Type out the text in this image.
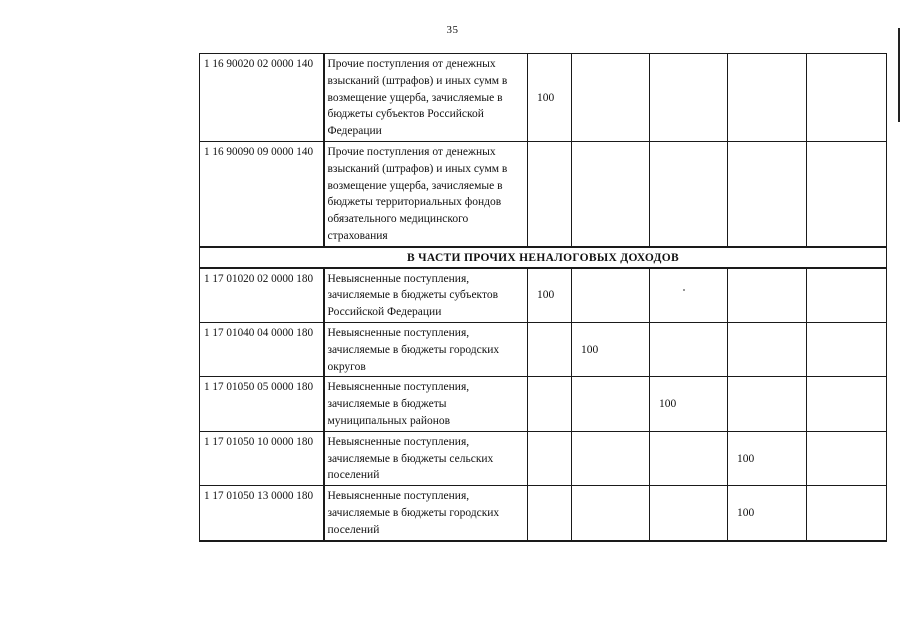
35
1 16 90020 02 0000 140	Прочие поступления от денежных взысканий (штрафов) и иных сумм в возмещение ущерба, зачисляемые в бюджеты субъектов Российской Федерации	100					
1 16 90090 09 0000 140	Прочие поступления от денежных взысканий (штрафов) и иных сумм в возмещение ущерба, зачисляемые в бюджеты территориальных фондов обязательного медицинского страхования						
В ЧАСТИ ПРОЧИХ НЕНАЛОГОВЫХ ДОХОДОВ							
1 17 01020 02 0000 180	Невыясненные поступления, зачисляемые в бюджеты субъектов Российской Федерации	100					
1 17 01040 04 0000 180	Невыясненные поступления, зачисляемые в бюджеты городских округов		100				
1 17 01050 05 0000 180	Невыясненные поступления, зачисляемые в бюджеты муниципальных районов			100			
1 17 01050 10 0000 180	Невыясненные поступления, зачисляемые в бюджеты сельских поселений				100		
1 17 01050 13 0000 180	Невыясненные поступления, зачисляемые в бюджеты городских поселений				100		
